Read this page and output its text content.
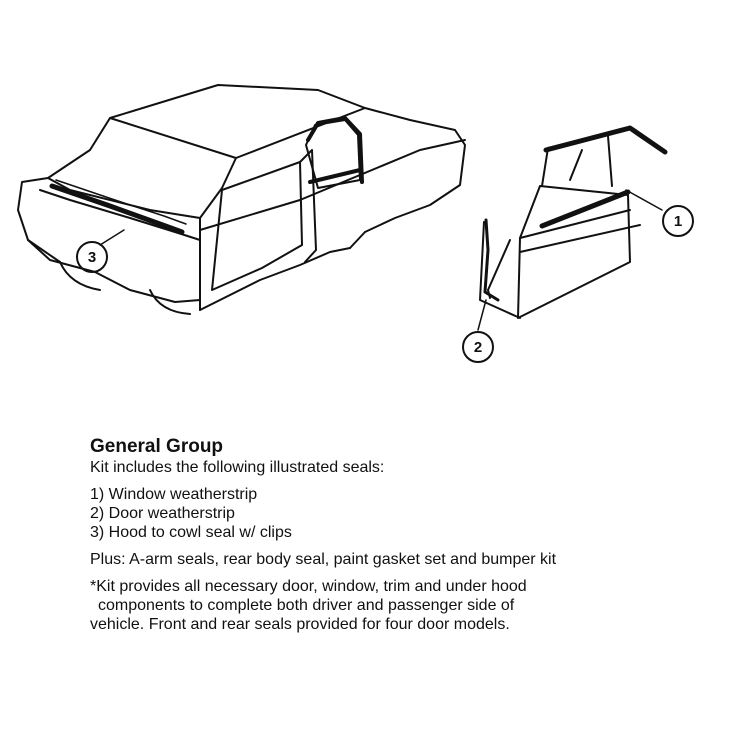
1
2
3
General Group
Kit includes the following illustrated seals:
1) Window weatherstrip
2) Door weatherstrip
3) Hood to cowl seal w/ clips
Plus: A-arm seals, rear body seal, paint gasket set and bumper kit
*Kit provides all necessary door, window, trim and under hood
components to complete both driver and passenger side of
vehicle. Front and rear seals provided for four door models.
